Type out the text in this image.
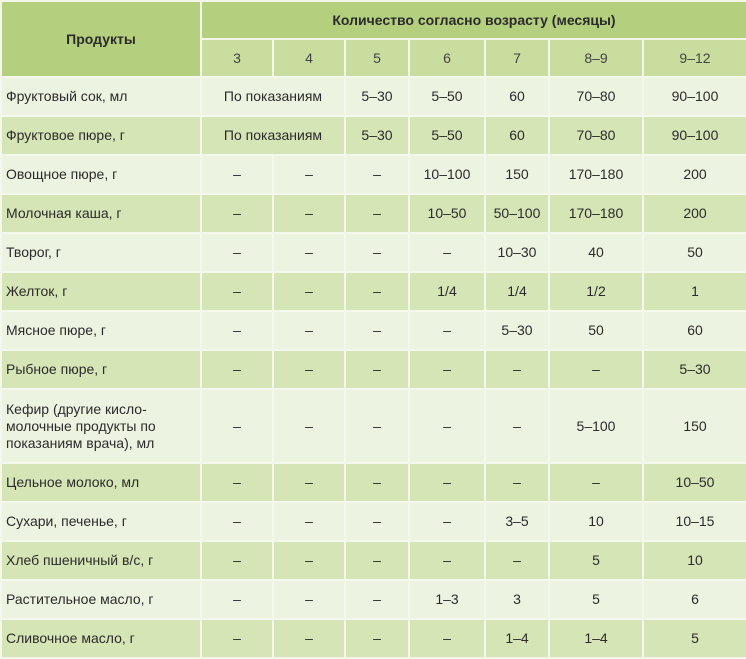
Продукты	Количество согласно возрасту (месяцы)						
	3	4	5	6	7	8–9	9–12
Фруктовый сок, мл	По показаниям		5–30	5–50	60	70–80	90–100
Фруктовое пюре, г	По показаниям		5–30	5–50	60	70–80	90–100
Овощное пюре, г	–	–	–	10–100	150	170–180	200
Молочная каша, г	–	–	–	10–50	50–100	170–180	200
Творог, г	–	–	–	–	10–30	40	50
Желток, г	–	–	–	1/4	1/4	1/2	1
Мясное пюре, г	–	–	–	–	5–30	50	60
Рыбное пюре, г	–	–	–	–	–	–	5–30
Кефир (другие кисло-молочные продукты по показаниям врача), мл	–	–	–	–	–	5–100	150
Цельное молоко, мл	–	–	–	–	–	–	10–50
Сухари, печенье, г	–	–	–	–	3–5	10	10–15
Хлеб пшеничный в/с, г	–	–	–	–	–	5	10
Растительное масло, г	–	–	–	1–3	3	5	6
Сливочное масло, г	–	–	–	–	1–4	1–4	5
